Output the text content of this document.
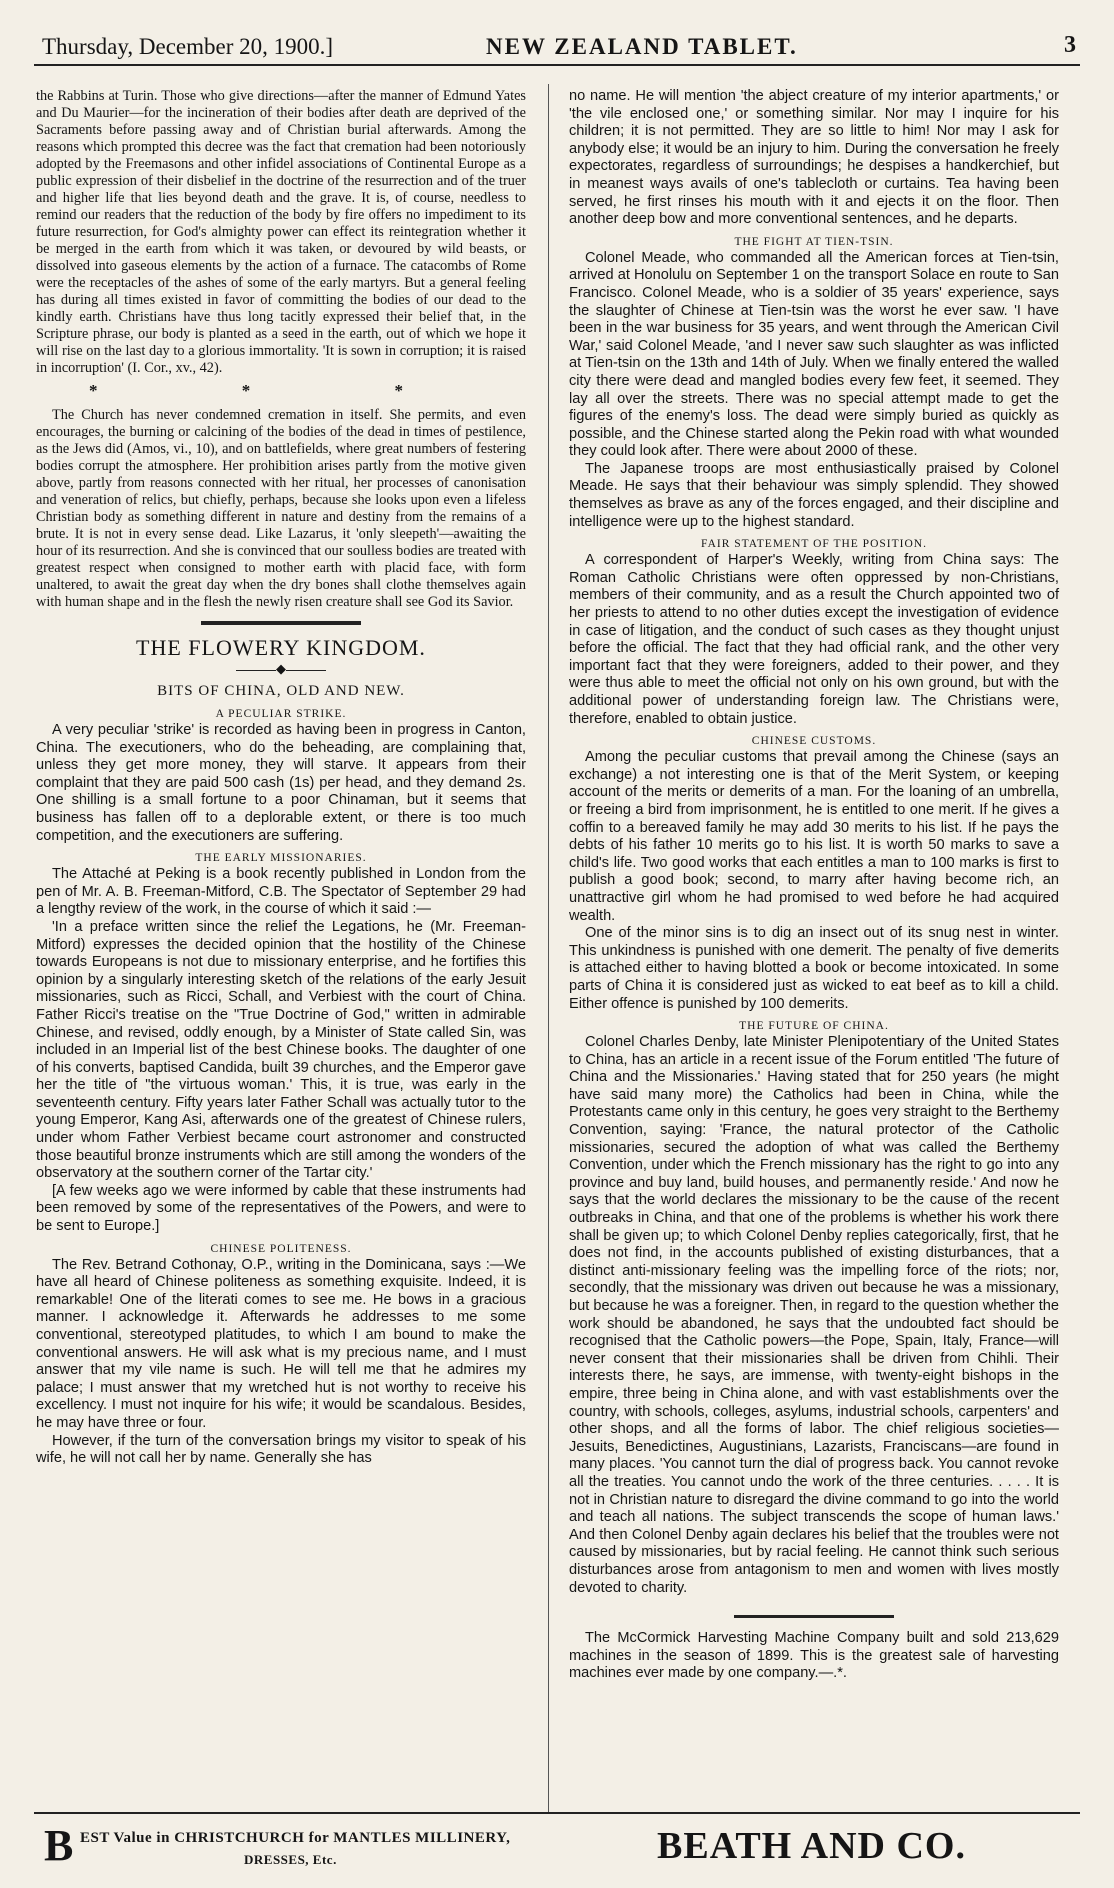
Thursday, December 20, 1900.]	NEW ZEALAND TABLET.	3

the Rabbins at Turin. Those who give directions—after the manner of Edmund Yates and Du Maurier—for the incineration of their bodies after death are deprived of the Sacraments before passing away and of Christian burial afterwards. Among the reasons which prompted this decree was the fact that cremation had been notoriously adopted by the Freemasons and other infidel associations of Continental Europe as a public expression of their disbelief in the doctrine of the resurrection and of the truer and higher life that lies beyond death and the grave. It is, of course, needless to remind our readers that the reduction of the body by fire offers no impediment to its future resurrection, for God's almighty power can effect its reintegration whether it be merged in the earth from which it was taken, or devoured by wild beasts, or dissolved into gaseous elements by the action of a furnace. The catacombs of Rome were the receptacles of the ashes of some of the early martyrs. But a general feeling has during all times existed in favor of committing the bodies of our dead to the kindly earth. Christians have thus long tacitly expressed their belief that, in the Scripture phrase, our body is planted as a seed in the earth, out of which we hope it will rise on the last day to a glorious immortality. 'It is sown in corruption; it is raised in incorruption' (I. Cor., xv., 42).

* * *

The Church has never condemned cremation in itself. She permits, and even encourages, the burning or calcining of the bodies of the dead in times of pestilence, as the Jews did (Amos, vi., 10), and on battlefields, where great numbers of festering bodies corrupt the atmosphere. Her prohibition arises partly from the motive given above, partly from reasons connected with her ritual, her processes of canonisation and veneration of relics, but chiefly, perhaps, because she looks upon even a lifeless Christian body as something different in nature and destiny from the remains of a brute. It is not in every sense dead. Like Lazarus, it 'only sleepeth'—awaiting the hour of its resurrection. And she is convinced that our soulless bodies are treated with greatest respect when consigned to mother earth with placid face, with form unaltered, to await the great day when the dry bones shall clothe themselves again with human shape and in the flesh the newly risen creature shall see God its Savior.

THE FLOWERY KINGDOM.
◆
BITS OF CHINA, OLD AND NEW.
A PECULIAR STRIKE.

A very peculiar 'strike' is recorded as having been in progress in Canton, China. The executioners, who do the beheading, are complaining that, unless they get more money, they will starve. It appears from their complaint that they are paid 500 cash (1s) per head, and they demand 2s. One shilling is a small fortune to a poor Chinaman, but it seems that business has fallen off to a deplorable extent, or there is too much competition, and the executioners are suffering.

THE EARLY MISSIONARIES.

The Attaché at Peking is a book recently published in London from the pen of Mr. A. B. Freeman-Mitford, C.B. The Spectator of September 29 had a lengthy review of the work, in the course of which it said :—

'In a preface written since the relief the Legations, he (Mr. Freeman-Mitford) expresses the decided opinion that the hostility of the Chinese towards Europeans is not due to missionary enterprise, and he fortifies this opinion by a singularly interesting sketch of the relations of the early Jesuit missionaries, such as Ricci, Schall, and Verbiest with the court of China. Father Ricci's treatise on the "True Doctrine of God," written in admirable Chinese, and revised, oddly enough, by a Minister of State called Sin, was included in an Imperial list of the best Chinese books. The daughter of one of his converts, baptised Candida, built 39 churches, and the Emperor gave her the title of "the virtuous woman.' This, it is true, was early in the seventeenth century. Fifty years later Father Schall was actually tutor to the young Emperor, Kang Asi, afterwards one of the greatest of Chinese rulers, under whom Father Verbiest became court astronomer and constructed those beautiful bronze instruments which are still among the wonders of the observatory at the southern corner of the Tartar city.'

[A few weeks ago we were informed by cable that these instruments had been removed by some of the representatives of the Powers, and were to be sent to Europe.]

CHINESE POLITENESS.

The Rev. Betrand Cothonay, O.P., writing in the Dominicana, says :—We have all heard of Chinese politeness as something exquisite. Indeed, it is remarkable! One of the literati comes to see me. He bows in a gracious manner. I acknowledge it. Afterwards he addresses to me some conventional, stereotyped platitudes, to which I am bound to make the conventional answers. He will ask what is my precious name, and I must answer that my vile name is such. He will tell me that he admires my palace; I must answer that my wretched hut is not worthy to receive his excellency. I must not inquire for his wife; it would be scandalous. Besides, he may have three or four.

However, if the turn of the conversation brings my visitor to speak of his wife, he will not call her by name. Generally she has

no name. He will mention 'the abject creature of my interior apartments,' or 'the vile enclosed one,' or something similar. Nor may I inquire for his children; it is not permitted. They are so little to him! Nor may I ask for anybody else; it would be an injury to him. During the conversation he freely expectorates, regardless of surroundings; he despises a handkerchief, but in meanest ways avails of one's tablecloth or curtains. Tea having been served, he first rinses his mouth with it and ejects it on the floor. Then another deep bow and more conventional sentences, and he departs.

THE FIGHT AT TIEN-TSIN.

Colonel Meade, who commanded all the American forces at Tien-tsin, arrived at Honolulu on September 1 on the transport Solace en route to San Francisco. Colonel Meade, who is a soldier of 35 years' experience, says the slaughter of Chinese at Tien-tsin was the worst he ever saw. 'I have been in the war business for 35 years, and went through the American Civil War,' said Colonel Meade, 'and I never saw such slaughter as was inflicted at Tien-tsin on the 13th and 14th of July. When we finally entered the walled city there were dead and mangled bodies every few feet, it seemed. They lay all over the streets. There was no special attempt made to get the figures of the enemy's loss. The dead were simply buried as quickly as possible, and the Chinese started along the Pekin road with what wounded they could look after. There were about 2000 of these.

The Japanese troops are most enthusiastically praised by Colonel Meade. He says that their behaviour was simply splendid. They showed themselves as brave as any of the forces engaged, and their discipline and intelligence were up to the highest standard.

FAIR STATEMENT OF THE POSITION.

A correspondent of Harper's Weekly, writing from China says: The Roman Catholic Christians were often oppressed by non-Christians, members of their community, and as a result the Church appointed two of her priests to attend to no other duties except the investigation of evidence in case of litigation, and the conduct of such cases as they thought unjust before the official. The fact that they had official rank, and the other very important fact that they were foreigners, added to their power, and they were thus able to meet the official not only on his own ground, but with the additional power of understanding foreign law. The Christians were, therefore, enabled to obtain justice.

CHINESE CUSTOMS.

Among the peculiar customs that prevail among the Chinese (says an exchange) a not interesting one is that of the Merit System, or keeping account of the merits or demerits of a man. For the loaning of an umbrella, or freeing a bird from imprisonment, he is entitled to one merit. If he gives a coffin to a bereaved family he may add 30 merits to his list. If he pays the debts of his father 10 merits go to his list. It is worth 50 marks to save a child's life. Two good works that each entitles a man to 100 marks is first to publish a good book; second, to marry after having become rich, an unattractive girl whom he had promised to wed before he had acquired wealth.

One of the minor sins is to dig an insect out of its snug nest in winter. This unkindness is punished with one demerit. The penalty of five demerits is attached either to having blotted a book or become intoxicated. In some parts of China it is considered just as wicked to eat beef as to kill a child. Either offence is punished by 100 demerits.

THE FUTURE OF CHINA.

Colonel Charles Denby, late Minister Plenipotentiary of the United States to China, has an article in a recent issue of the Forum entitled 'The future of China and the Missionaries.' Having stated that for 250 years (he might have said many more) the Catholics had been in China, while the Protestants came only in this century, he goes very straight to the Berthemy Convention, saying: 'France, the natural protector of the Catholic missionaries, secured the adoption of what was called the Berthemy Convention, under which the French missionary has the right to go into any province and buy land, build houses, and permanently reside.' And now he says that the world declares the missionary to be the cause of the recent outbreaks in China, and that one of the problems is whether his work there shall be given up; to which Colonel Denby replies categorically, first, that he does not find, in the accounts published of existing disturbances, that a distinct anti-missionary feeling was the impelling force of the riots; nor, secondly, that the missionary was driven out because he was a missionary, but because he was a foreigner. Then, in regard to the question whether the work should be abandoned, he says that the undoubted fact should be recognised that the Catholic powers—the Pope, Spain, Italy, France—will never consent that their missionaries shall be driven from Chihli. Their interests there, he says, are immense, with twenty-eight bishops in the empire, three being in China alone, and with vast establishments over the country, with schools, colleges, asylums, industrial schools, carpenters' and other shops, and all the forms of labor. The chief religious societies—Jesuits, Benedictines, Augustinians, Lazarists, Franciscans—are found in many places. 'You cannot turn the dial of progress back. You cannot revoke all the treaties. You cannot undo the work of the three centuries. . . . . It is not in Christian nature to disregard the divine command to go into the world and teach all nations. The subject transcends the scope of human laws.' And then Colonel Denby again declares his belief that the troubles were not caused by missionaries, but by racial feeling. He cannot think such serious disturbances arose from antagonism to men and women with lives mostly devoted to charity.

The McCormick Harvesting Machine Company built and sold 213,629 machines in the season of 1899. This is the greatest sale of harvesting machines ever made by one company.—.*.

B EST Value in CHRISTCHURCH for MANTLES MILLINERY,
DRESSES, Etc.	BEATH AND CO.
